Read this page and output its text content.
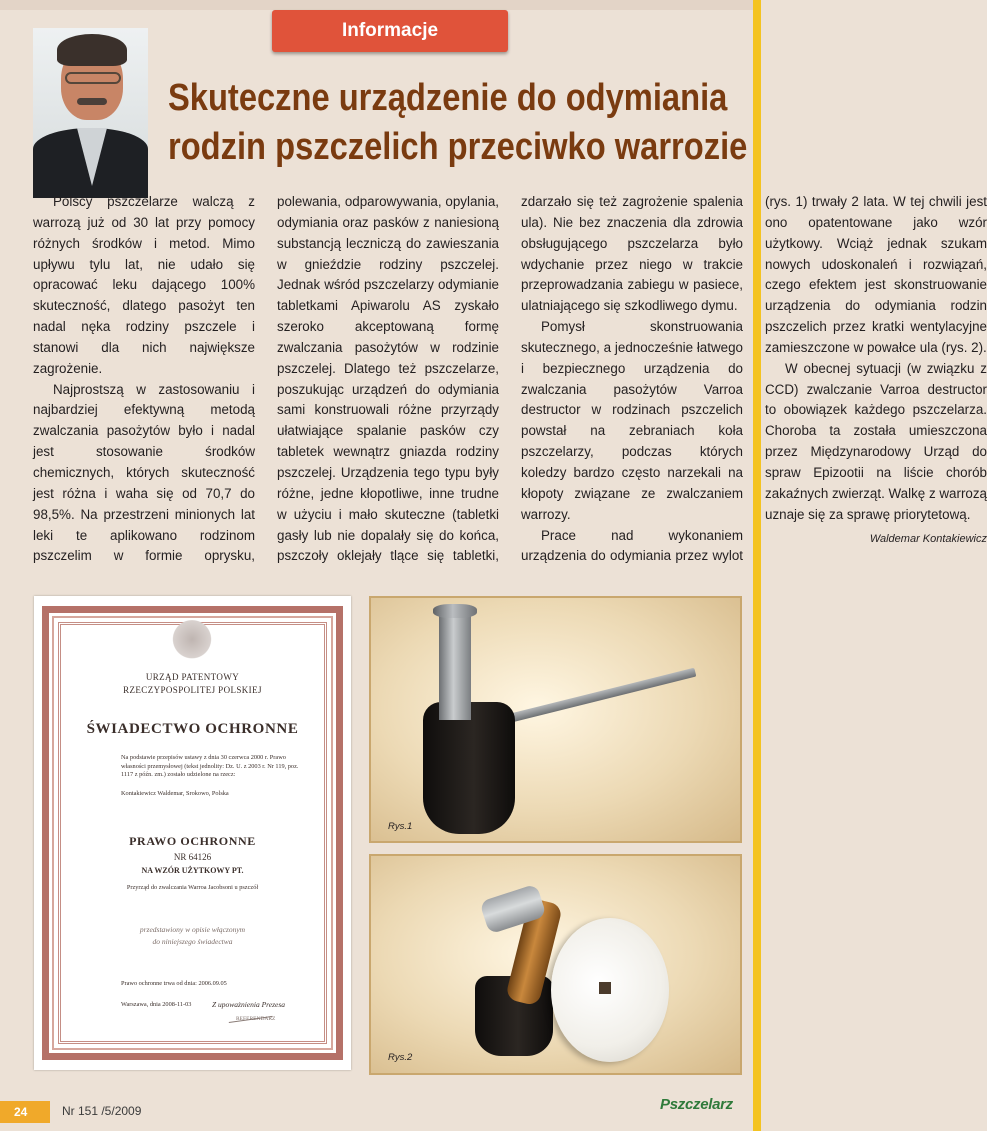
Informacje
Skuteczne urządzenie do odymiania
rodzin pszczelich przeciwko warrozie

Polscy pszczelarze walczą z warrozą już od 30 lat przy pomocy różnych środków i metod. Mimo upływu tylu lat, nie udało się opracować leku dającego 100% skuteczność, dlatego pasożyt ten nadal nęka rodziny pszczele i stanowi dla nich największe zagrożenie.

Najprostszą w zastosowaniu i najbardziej efektywną metodą zwalczania pasożytów było i nadal jest stosowanie środków chemicznych, których skuteczność jest różna i waha się od 70,7 do 98,5%. Na przestrzeni minionych lat leki te aplikowano rodzinom pszczelim w formie oprysku, polewania, odparowywania, opylania, odymiania oraz pasków z naniesioną substancją leczniczą do zawieszania w gnieździe rodziny pszczelej. Jednak wśród pszczelarzy odymianie tabletkami Apiwarolu AS zyskało szeroko akceptowaną formę zwalczania pasożytów w rodzinie pszczelej. Dlatego też pszczelarze, poszukując urządzeń do odymiania sami konstruowali różne przyrządy ułatwiające spalanie pasków czy tabletek wewnątrz gniazda rodziny pszczelej. Urządzenia tego typu były różne, jedne kłopotliwe, inne trudne w użyciu i mało skuteczne (tabletki gasły lub nie dopalały się do końca, pszczoły oklejały tlące się tabletki, zdarzało się też zagrożenie spalenia ula). Nie bez znaczenia dla zdrowia obsługującego pszczelarza było wdychanie przez niego w trakcie przeprowadzania zabiegu w pasiece, ulatniającego się szkodliwego dymu.

Pomysł skonstruowania skutecznego, a jednocześnie łatwego i bezpiecznego urządzenia do zwalczania pasożytów Varroa destructor w rodzinach pszczelich powstał na zebraniach koła pszczelarzy, podczas których koledzy bardzo często narzekali na kłopoty związane ze zwalczaniem warrozy.

Prace nad wykonaniem urządzenia do odymiania przez wylot (rys. 1) trwały 2 lata. W tej chwili jest ono opatentowane jako wzór użytkowy. Wciąż jednak szukam nowych udoskonaleń i rozwiązań, czego efektem jest skonstruowanie urządzenia do odymiania rodzin pszczelich przez kratki wentylacyjne zamieszczone w powałce ula (rys. 2).

W obecnej sytuacji (w związku z CCD) zwalczanie Varroa destructor to obowiązek każdego pszczelarza. Choroba ta została umieszczona przez Międzynarodowy Urząd do spraw Epizootii na liście chorób zakaźnych zwierząt. Walkę z warrozą uznaje się za sprawę priorytetową.

Waldemar Kontakiewicz
URZĄD PATENTOWY
RZECZYPOSPOLITEJ POLSKIEJ
ŚWIADECTWO OCHRONNE
Na podstawie przepisów ustawy z dnia 30 czerwca 2000 r. Prawo własności przemysłowej (tekst jednolity: Dz. U. z 2003 r. Nr 119, poz. 1117 z późn. zm.) zostało udzielone na rzecz:
Kontakiewicz Waldemar, Srokowo, Polska
PRAWO OCHRONNE
NR 64126
NA WZÓR UŻYTKOWY PT.
Przyrząd do zwalczania Warroa Jacobsoni u pszczół
przedstawiony w opisie włączonym
do niniejszego świadectwa
Prawo ochronne trwa od dnia: 2006.09.05
Warszawa, dnia 2008-11-03	Z upoważnienia Prezesa
REFERENDARZ
Rys.1
Rys.2
24	Nr 151 /5/2009	Pszczelarz
